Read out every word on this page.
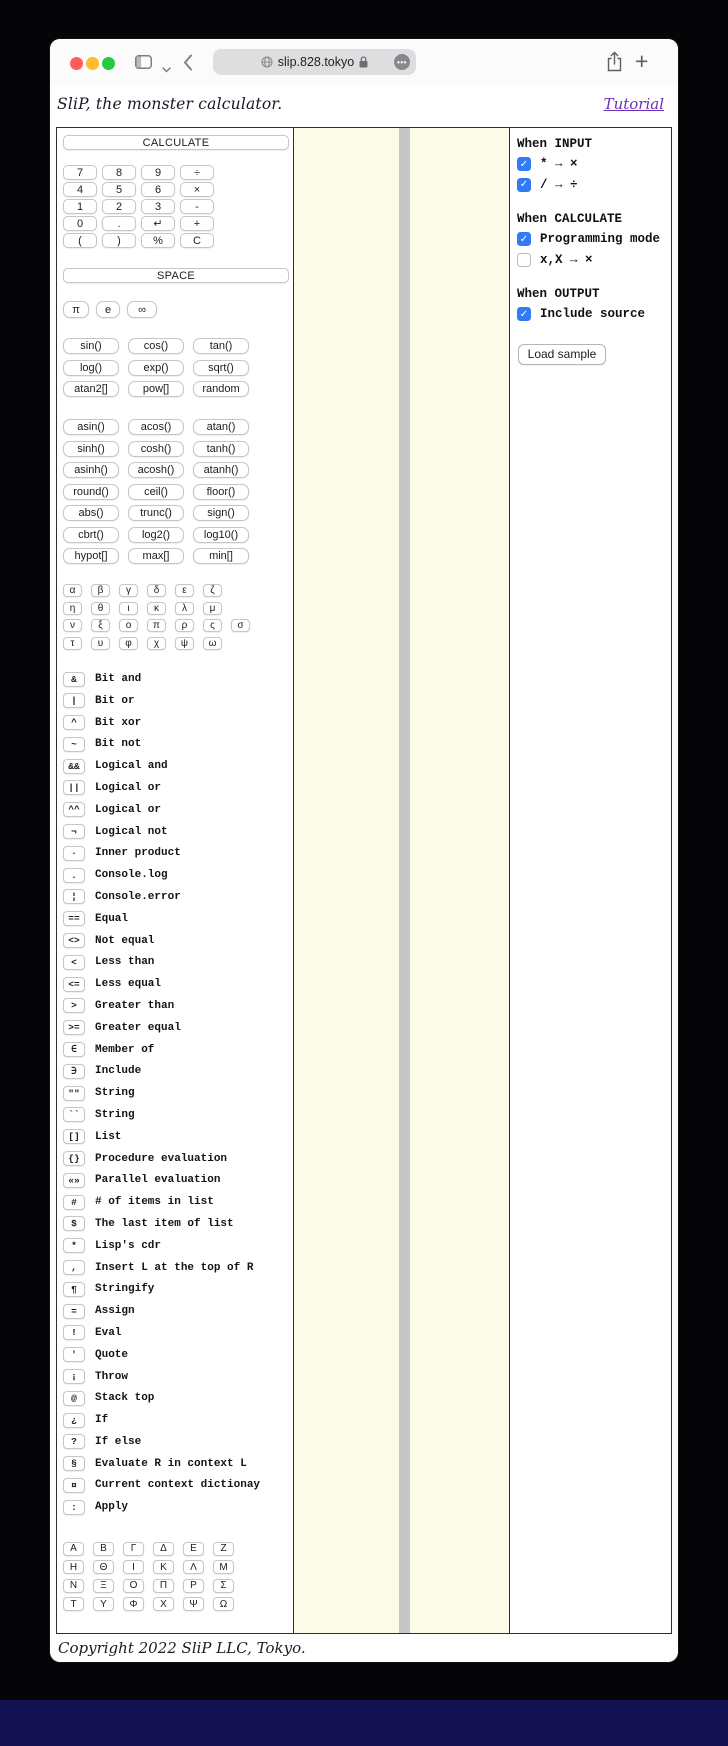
slip.828.tokyo	•••	+
SliP, the monster calculator.	Tutorial
CALCULATE
7	8	9	÷
4	5	6	×
1	2	3	-
0	.	↵	+
(	)	%	C
SPACE
π	e	∞
sin()	cos()	tan()
log()	exp()	sqrt()
atan2[]	pow[]	random
asin()	acos()	atan()
sinh()	cosh()	tanh()
asinh()	acosh()	atanh()
round()	ceil()	floor()
abs()	trunc()	sign()
cbrt()	log2()	log10()
hypot[]	max[]	min[]
α	β	γ	δ	ε	ζ
η	θ	ι	κ	λ	μ
ν	ξ	ο	π	ρ	ς	σ
τ	υ	φ	χ	ψ	ω
&	Bit and
|	Bit or
^	Bit xor
~	Bit not
&&	Logical and
||	Logical or
^^	Logical or
¬	Logical not
·	Inner product
.	Console.log
¦	Console.error
==	Equal
<>	Not equal
<	Less than
<=	Less equal
>	Greater than
>=	Greater equal
∈	Member of
∋	Include
""	String
``	String
[]	List
{}	Procedure evaluation
«»	Parallel evaluation
#	# of items in list
$	The last item of list
*	Lisp's cdr
,	Insert L at the top of R
¶	Stringify
=	Assign
!	Eval
'	Quote
¡	Throw
@	Stack top
¿	If
?	If else
§	Evaluate R in context L
¤	Current context dictionay
:	Apply
Α	Β	Γ	Δ	Ε	Ζ
Η	Θ	Ι	Κ	Λ	Μ
Ν	Ξ	Ο	Π	Ρ	Σ
Τ	Υ	Φ	Χ	Ψ	Ω
When INPUT
✓ * → ×
✓ / → ÷
When CALCULATE
✓ Programming mode
x,X → ×
When OUTPUT
✓ Include source
Load sample
Copyright 2022 SliP LLC, Tokyo.
